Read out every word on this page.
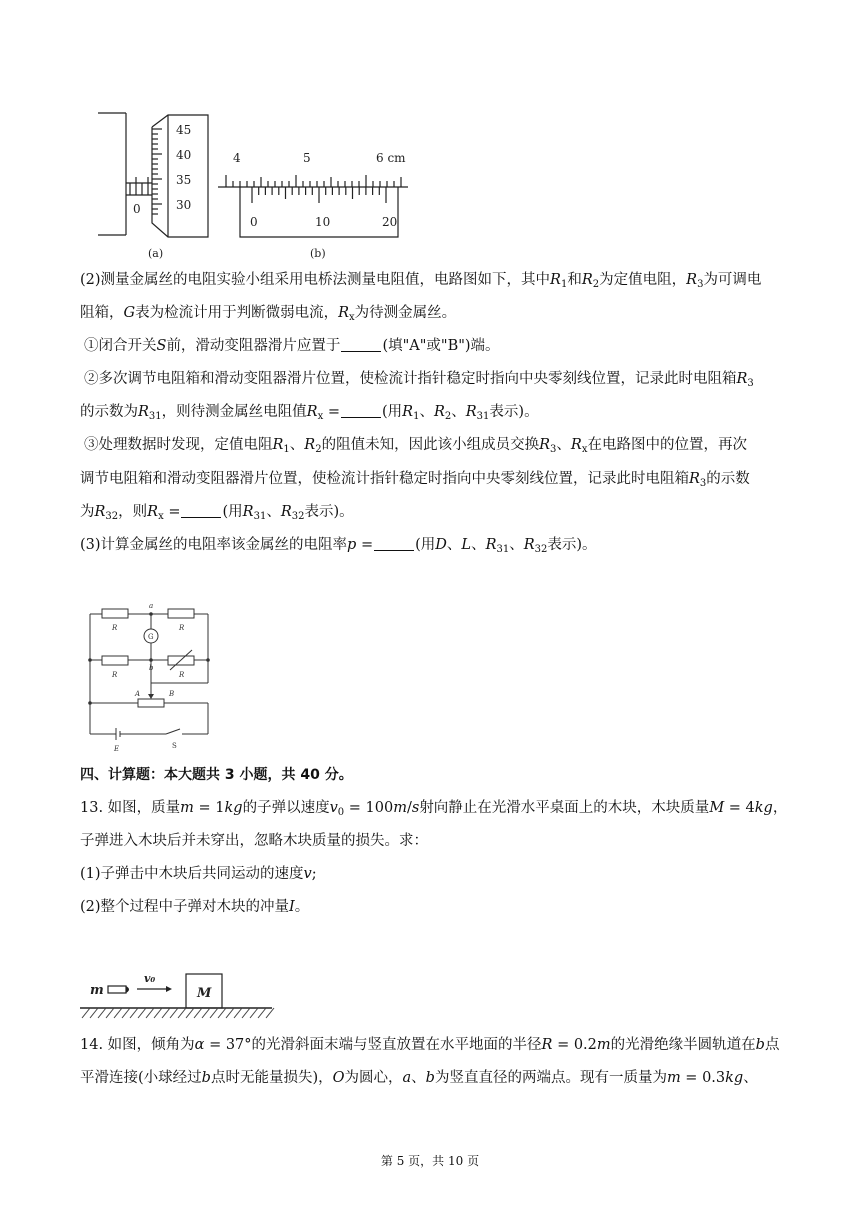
45
40
35
30
0
(a)
4	5	6 cm
0	10	20
(b)
(2)测量金属丝的电阻实验小组采用电桥法测量电阻值，电路图如下，其中$R_1$和$R_2$为定值电阻，$R_3$为可调电
阻箱，G表为检流计用于判断微弱电流，$R_x$为待测金属丝。
①闭合开关S前，滑动变阻器滑片应置于	(填"A"或"B")端。
②多次调节电阻箱和滑动变阻器滑片位置，使检流计指针稳定时指向中央零刻线位置，记录此时电阻箱$R_3$
的示数为$R_{31}$，则待测金属丝电阻值$R_x$ =	(用$R_1$、$R_2$、$R_{31}$表示)。
③处理数据时发现，定值电阻$R_1$、$R_2$的阻值未知，因此该小组成员交换$R_3$、$R_x$在电路图中的位置，再次
调节电阻箱和滑动变阻器滑片位置，使检流计指针稳定时指向中央零刻线位置，记录此时电阻箱$R_3$的示数
为$R_{32}$，则$R_x$ =	(用$R_{31}$、$R_{32}$表示)。
(3)计算金属丝的电阻率该金属丝的电阻率p =	(用D、L、$R_{31}$、$R_{32}$表示)。
a
G
R	R
b
R	R
A	B
E	S
四、计算题：本大题共 3 小题，共 40 分。
13. 如图，质量m = 1kg的子弹以速度$v_0 = 100m/s$射向静止在光滑水平桌面上的木块，木块质量M = 4kg，
子弹进入木块后并未穿出，忽略木块质量的损失。求：
(1)子弹击中木块后共同运动的速度v;
(2)整个过程中子弹对木块的冲量I。
m
v₀
M
14. 如图，倾角为α = 37°的光滑斜面末端与竖直放置在水平地面的半径R = 0.2m的光滑绝缘半圆轨道在b点
平滑连接(小球经过b点时无能量损失)，O为圆心，a、b为竖直直径的两端点。现有一质量为m = 0.3kg、
第 5 页，共 10 页
